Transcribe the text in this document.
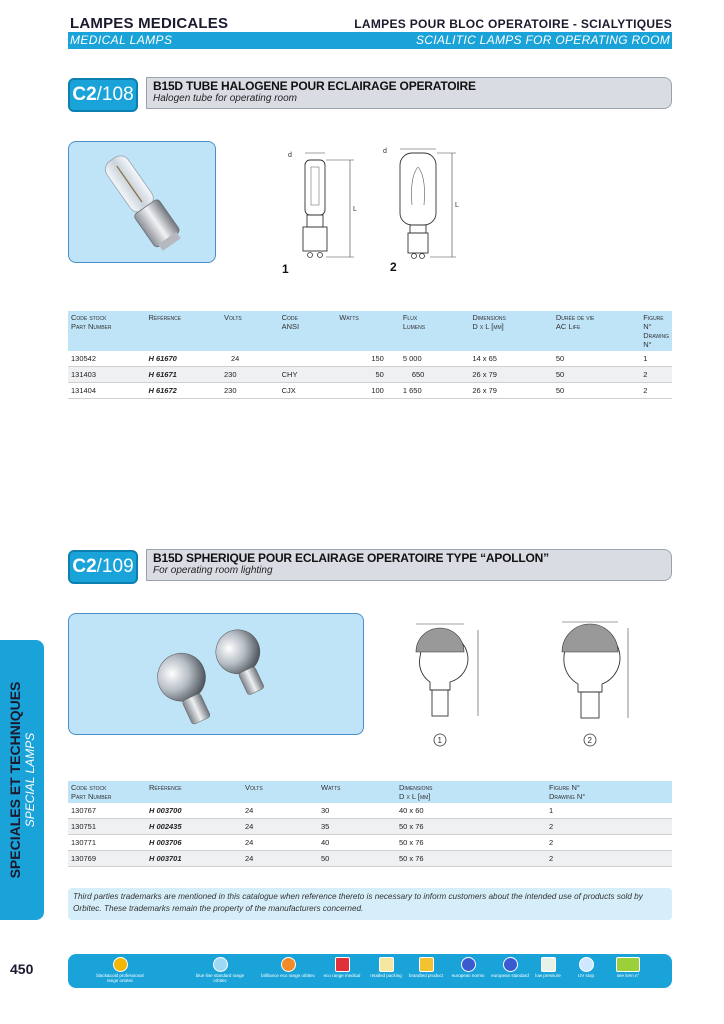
LAMPES MEDICALES	LAMPES POUR BLOC OPERATOIRE - SCIALYTIQUES
MEDICAL LAMPS	SCIALITIC LAMPS FOR OPERATING ROOM
C2/108	B15D TUBE HALOGENE POUR ECLAIRAGE OPERATOIRE
Halogen tube for operating room
d
L
1
d
L
2
Code stock
Part Number	Référence	Volts	Code
ANSI	Watts	Flux
Lumens	Dimensions
D x L [mm]	Durée de vie
AC Life	Figure N°
Drawing N°
130542	H 61670	24		150	5 000	14 x 65	50	1
131403	H 61671	230	CHY	50	650	26 x 79	50	2
131404	H 61672	230	CJX	100	1 650	26 x 79	50	2
C2/109	B15D SPHERIQUE POUR ECLAIRAGE OPERATOIRE TYPE “APOLLON”
For operating room lighting
1	2
Code stock
Part Number	Référence	Volts	Watts	Dimensions
D x L [mm]	Figure N°
Drawing N°
130767	H 003700	24	30	40 x 60	1
130751	H 002435	24	35	50 x 76	2
130771	H 003706	24	40	50 x 76	2
130769	H 003701	24	50	50 x 76	2
SPECIALES ET TECHNIQUES SPECIAL LAMPS
Third parties trademarks are mentioned in this catalogue when reference thereto is necessary to inform customers about the intended use of products sold by Orbitec. These trademarks remain the property of the manufacturers concerned.
450	black&cold professional range ortotec
blue line standard range orbitec
brilliance eco range orbitec	eco range medical	retailed packing	brandted product	european norms	european standard	low pressure	UV stop	see item n°
